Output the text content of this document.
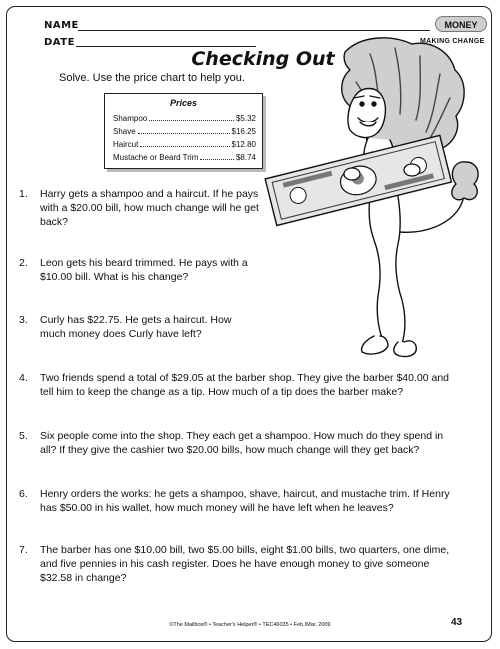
NAME
DATE
MONEY
MAKING CHANGE
Checking Out
Solve. Use the price chart to help you.
Prices
Shampoo	$5.32
Shave	$16.25
Haircut	$12.80
Mustache or Beard Trim	$8.74
1. Harry gets a shampoo and a haircut. If he pays
with a $20.00 bill, how much change will he get
back?
2. Leon gets his beard trimmed. He pays with a
$10.00 bill. What is his change?
3. Curly has $22.75. He gets a haircut. How
much money does Curly have left?
4. Two friends spend a total of $29.05 at the barber shop. They give the barber $40.00 and
tell him to keep the change as a tip. How much of a tip does the barber make?
5. Six people come into the shop. They each get a shampoo. How much do they spend in
all? If they give the cashier two $20.00 bills, how much change will they get back?
6. Henry orders the works: he gets a shampoo, shave, haircut, and mustache trim. If Henry
has $50.00 in his wallet, how much money will he have left when he leaves?
7. The barber has one $10.00 bill, two $5.00 bills, eight $1.00 bills, two quarters, one dime,
and five pennies in his cash register. Does he have enough money to give someone
$32.58 in change?
©The Mailbox® • Teacher's Helper® • TEC46035 • Feb./Mar. 2009	43
